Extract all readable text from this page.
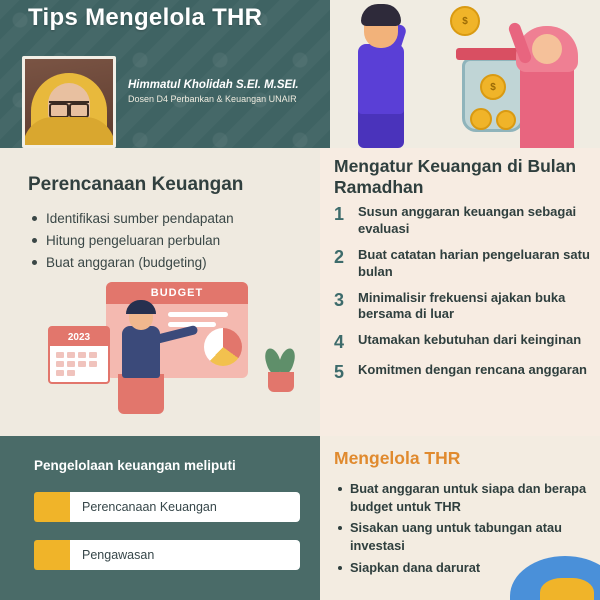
Tips Mengelola THR
Himmatul Kholidah S.EI. M.SEI.
Dosen D4 Perbankan & Keuangan UNAIR
$
$
Perencanaan Keuangan
Identifikasi sumber pendapatan
Hitung pengeluaran perbulan
Buat anggaran (budgeting)
BUDGET
2023
Mengatur Keuangan di Bulan Ramadhan
1	Susun anggaran keuangan sebagai evaluasi
2	Buat catatan harian pengeluaran satu bulan
3	Minimalisir frekuensi ajakan buka bersama di luar
4	Utamakan kebutuhan dari keinginan
5	Komitmen dengan rencana anggaran
Pengelolaan keuangan meliputi
Perencanaan Keuangan
Pengawasan
Mengelola THR
Buat anggaran untuk siapa dan berapa budget untuk THR
Sisakan uang untuk tabungan atau investasi
Siapkan dana darurat
